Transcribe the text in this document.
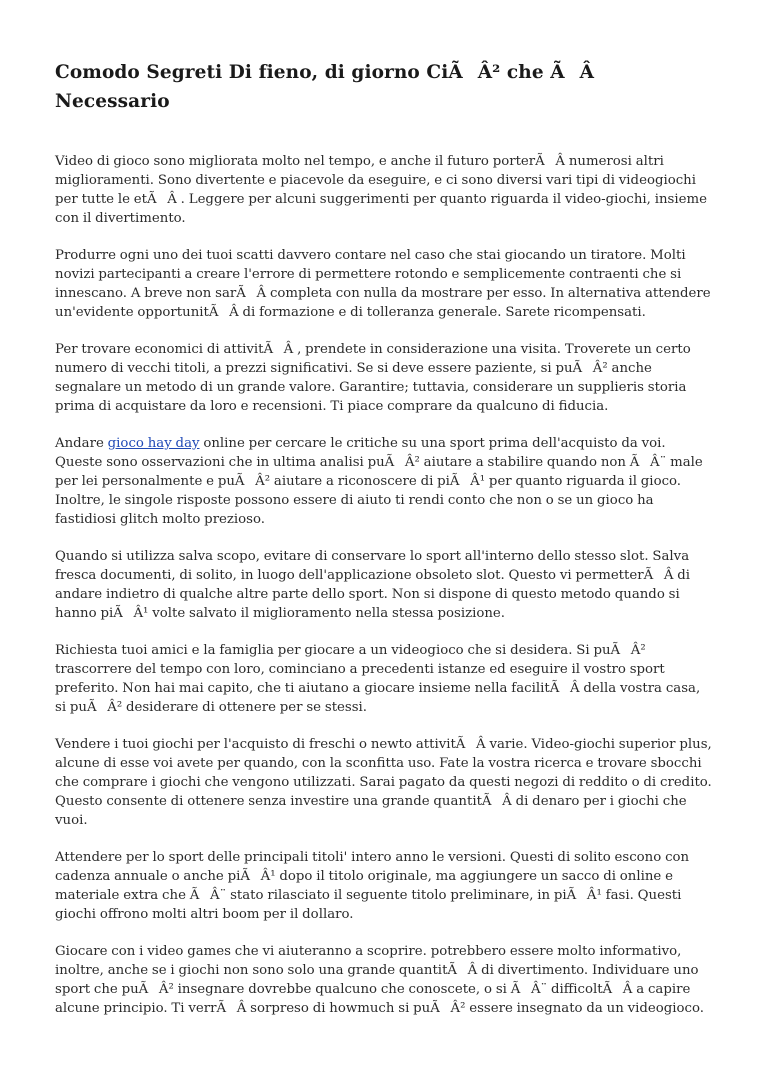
Comodo Segreti Di fieno, di giorno CiÃÂ² che ÃÂ Necessario

Video di gioco sono migliorata molto nel tempo, e anche il futuro porterÃÂ numerosi altri miglioramenti. Sono divertente e piacevole da eseguire, e ci sono diversi vari tipi di videogiochi per tutte le etÃÂ . Leggere per alcuni suggerimenti per quanto riguarda il video-giochi, insieme con il divertimento.

Produrre ogni uno dei tuoi scatti davvero contare nel caso che stai giocando un tiratore. Molti novizi partecipanti a creare l'errore di permettere rotondo e semplicemente contraenti che si innescano. A breve non sarÃÂ completa con nulla da mostrare per esso. In alternativa attendere un'evidente opportunitÃÂ di formazione e di tolleranza generale. Sarete ricompensati.

Per trovare economici di attivitÃÂ , prendete in considerazione una visita. Troverete un certo numero di vecchi titoli, a prezzi significativi. Se si deve essere paziente, si puÃÂ² anche segnalare un metodo di un grande valore. Garantire; tuttavia, considerare un supplieris storia prima di acquistare da loro e recensioni. Ti piace comprare da qualcuno di fiducia.

Andare gioco hay day online per cercare le critiche su una sport prima dell'acquisto da voi. Queste sono osservazioni che in ultima analisi puÃÂ² aiutare a stabilire quando non ÃÂ¨ male per lei personalmente e puÃÂ² aiutare a riconoscere di piÃÂ¹ per quanto riguarda il gioco. Inoltre, le singole risposte possono essere di aiuto ti rendi conto che non o se un gioco ha fastidiosi glitch molto prezioso.

Quando si utilizza salva scopo, evitare di conservare lo sport all'interno dello stesso slot. Salva fresca documenti, di solito, in luogo dell'applicazione obsoleto slot. Questo vi permetterÃÂ di andare indietro di qualche altre parte dello sport. Non si dispone di questo metodo quando si hanno piÃÂ¹ volte salvato il miglioramento nella stessa posizione.

Richiesta tuoi amici e la famiglia per giocare a un videogioco che si desidera. Si puÃÂ² trascorrere del tempo con loro, cominciano a precedenti istanze ed eseguire il vostro sport preferito. Non hai mai capito, che ti aiutano a giocare insieme nella facilitÃÂ della vostra casa, si puÃÂ² desiderare di ottenere per se stessi.

Vendere i tuoi giochi per l'acquisto di freschi o newto attivitÃÂ varie. Video-giochi superior plus, alcune di esse voi avete per quando, con la sconfitta uso. Fate la vostra ricerca e trovare sbocchi che comprare i giochi che vengono utilizzati. Sarai pagato da questi negozi di reddito o di credito. Questo consente di ottenere senza investire una grande quantitÃÂ di denaro per i giochi che vuoi.

Attendere per lo sport delle principali titoli' intero anno le versioni. Questi di solito escono con cadenza annuale o anche piÃÂ¹ dopo il titolo originale, ma aggiungere un sacco di online e materiale extra che ÃÂ¨ stato rilasciato il seguente titolo preliminare, in piÃÂ¹ fasi. Questi giochi offrono molti altri boom per il dollaro.

Giocare con i video games che vi aiuteranno a scoprire. potrebbero essere molto informativo, inoltre, anche se i giochi non sono solo una grande quantitÃÂ di divertimento. Individuare uno sport che puÃÂ² insegnare dovrebbe qualcuno che conoscete, o si ÃÂ¨ difficoltÃÂ a capire alcune principio. Ti verrÃÂ sorpreso di howmuch si puÃÂ² essere insegnato da un videogioco.
